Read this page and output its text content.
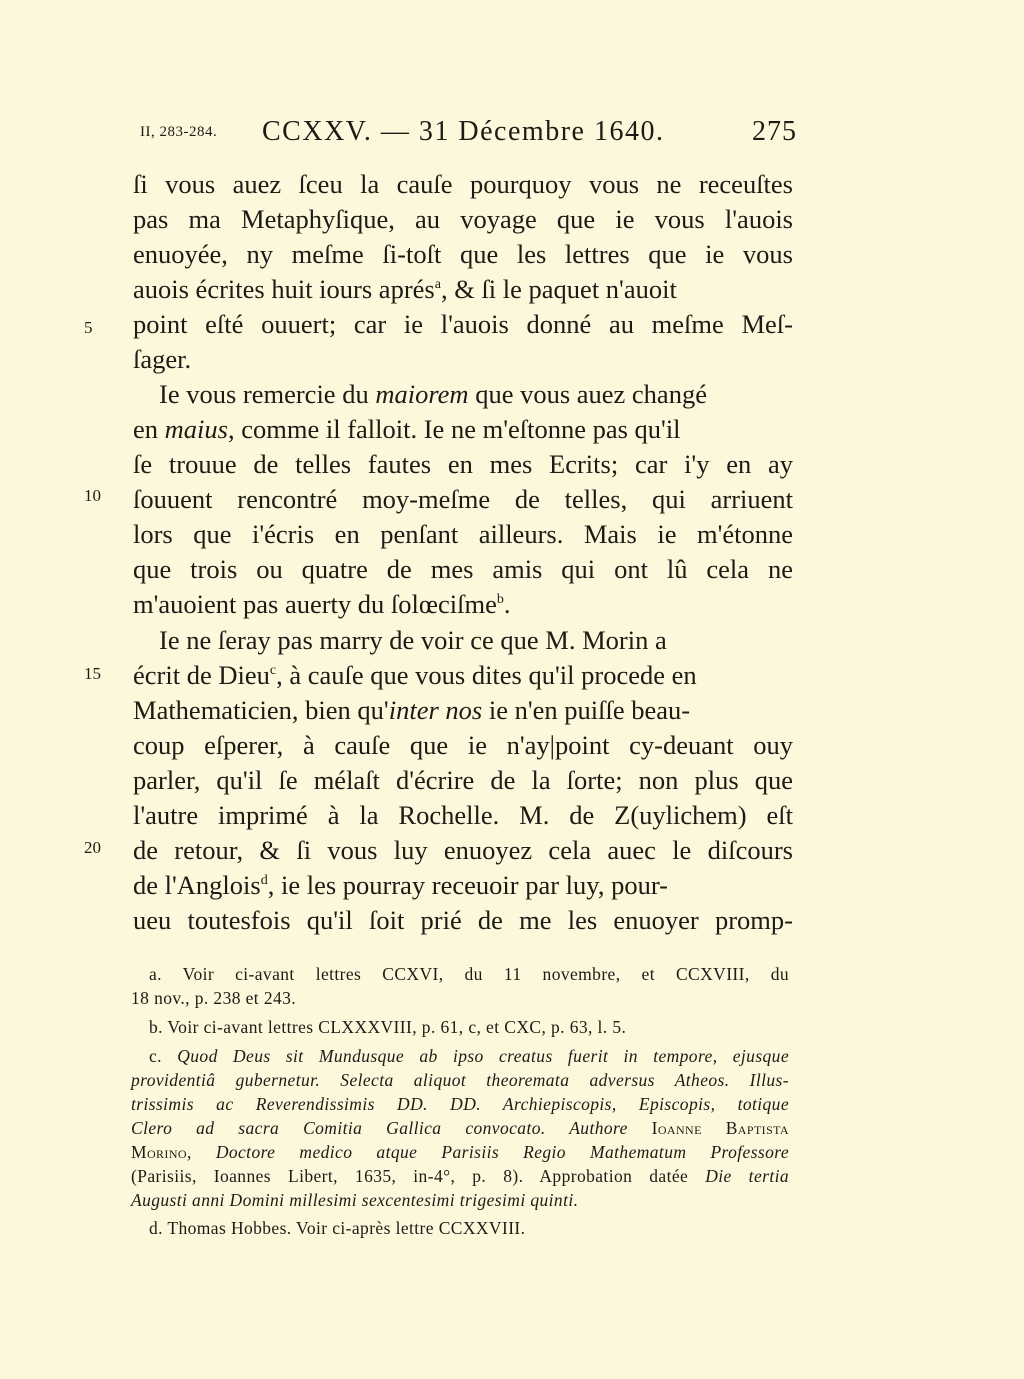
II, 283-284. CCXXV. — 31 Décembre 1640.	275
5
10
15
20
ſi vous auez ſceu la cauſe pourquoy vous ne receuſtes
pas ma Metaphyſique, au voyage que ie vous l'auois
enuoyée, ny meſme ſi-toſt que les lettres que ie vous
auois écrites huit iours aprés$^a$, & ſi le paquet n'auoit
point eſté ouuert; car ie l'auois donné au meſme Meſ-
ſager.
Ie vous remercie du maiorem que vous auez changé
en maius, comme il falloit. Ie ne m'eſtonne pas qu'il
ſe trouue de telles fautes en mes Ecrits; car i'y en ay
ſouuent rencontré moy-meſme de telles, qui arriuent
lors que i'écris en penſant ailleurs. Mais ie m'étonne
que trois ou quatre de mes amis qui ont lû cela ne
m'auoient pas auerty du ſolœciſme$^b$.
Ie ne ſeray pas marry de voir ce que M. Morin a
écrit de Dieu$^c$, à cauſe que vous dites qu'il procede en
Mathematicien, bien qu'inter nos ie n'en puiſſe beau-
coup eſperer, à cauſe que ie n'ay|point cy-deuant ouy
parler, qu'il ſe mélaſt d'écrire de la ſorte; non plus que
l'autre imprimé à la Rochelle. M. de Z(uylichem) eſt
de retour, & ſi vous luy enuoyez cela auec le diſcours
de l'Anglois$^d$, ie les pourray receuoir par luy, pour-
ueu toutesfois qu'il ſoit prié de me les enuoyer promp-
a. Voir ci-avant lettres CCXVI, du 11 novembre, et CCXVIII, du
18 nov., p. 238 et 243.
b. Voir ci-avant lettres CLXXXVIII, p. 61, c, et CXC, p. 63, l. 5.
c. Quod Deus sit Mundusque ab ipso creatus fuerit in tempore, ejusque
providentiâ gubernetur. Selecta aliquot theoremata adversus Atheos. Illus-
trissimis ac Reverendissimis DD. DD. Archiepiscopis, Episcopis, totique
Clero ad sacra Comitia Gallica convocato. Authore Ioanne Baptista
Morino, Doctore medico atque Parisiis Regio Mathematum Professore
(Parisiis, Ioannes Libert, 1635, in-4°, p. 8). Approbation datée Die tertia
Augusti anni Domini millesimi sexcentesimi trigesimi quinti.
d. Thomas Hobbes. Voir ci-après lettre CCXXVIII.
